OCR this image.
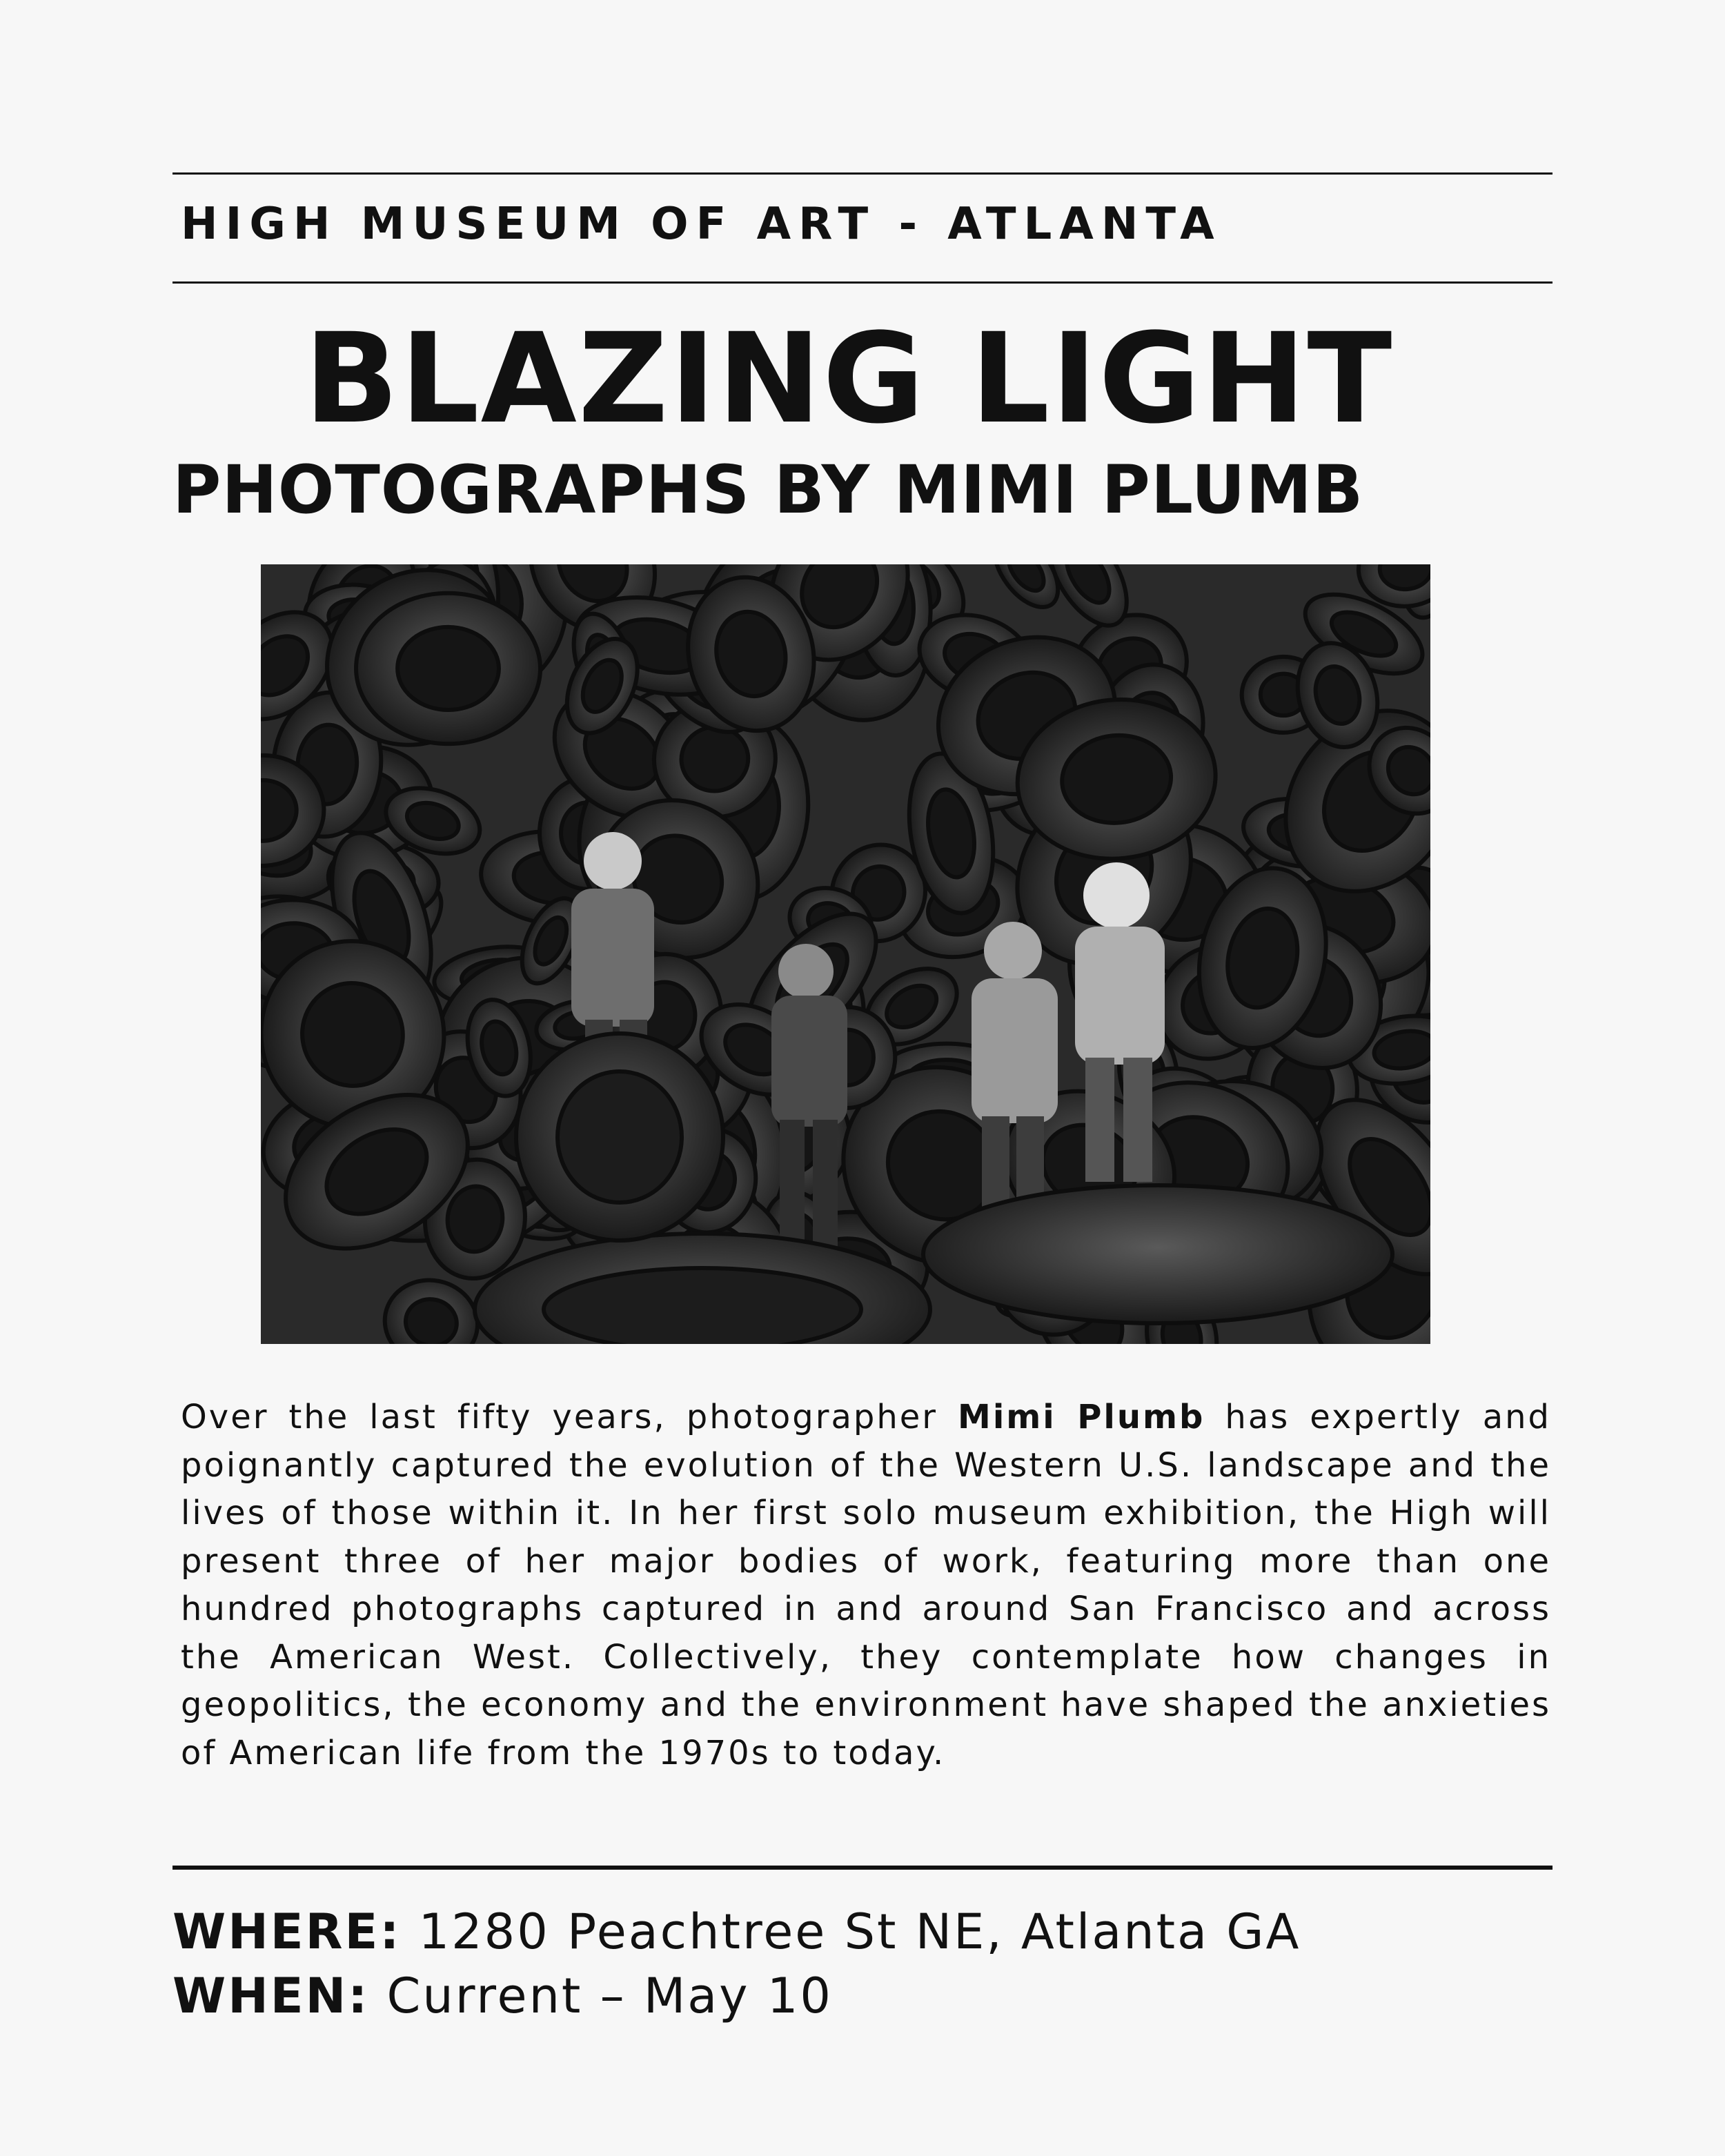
HIGH MUSEUM OF ART - ATLANTA
BLAZING LIGHT
PHOTOGRAPHS BY MIMI PLUMB

Over the last fifty years, photographer Mimi Plumb has expertly and poignantly captured the evolution of the Western U.S. landscape and the lives of those within it. In her first solo museum exhibition, the High will present three of her major bodies of work, featuring more than one hundred photographs captured in and around San Francisco and across the American West. Collectively, they contemplate how changes in geopolitics, the economy and the environment have shaped the anxieties of American life from the 1970s to today.

WHERE: 1280 Peachtree St NE, Atlanta GA
WHEN: Current – May 10
